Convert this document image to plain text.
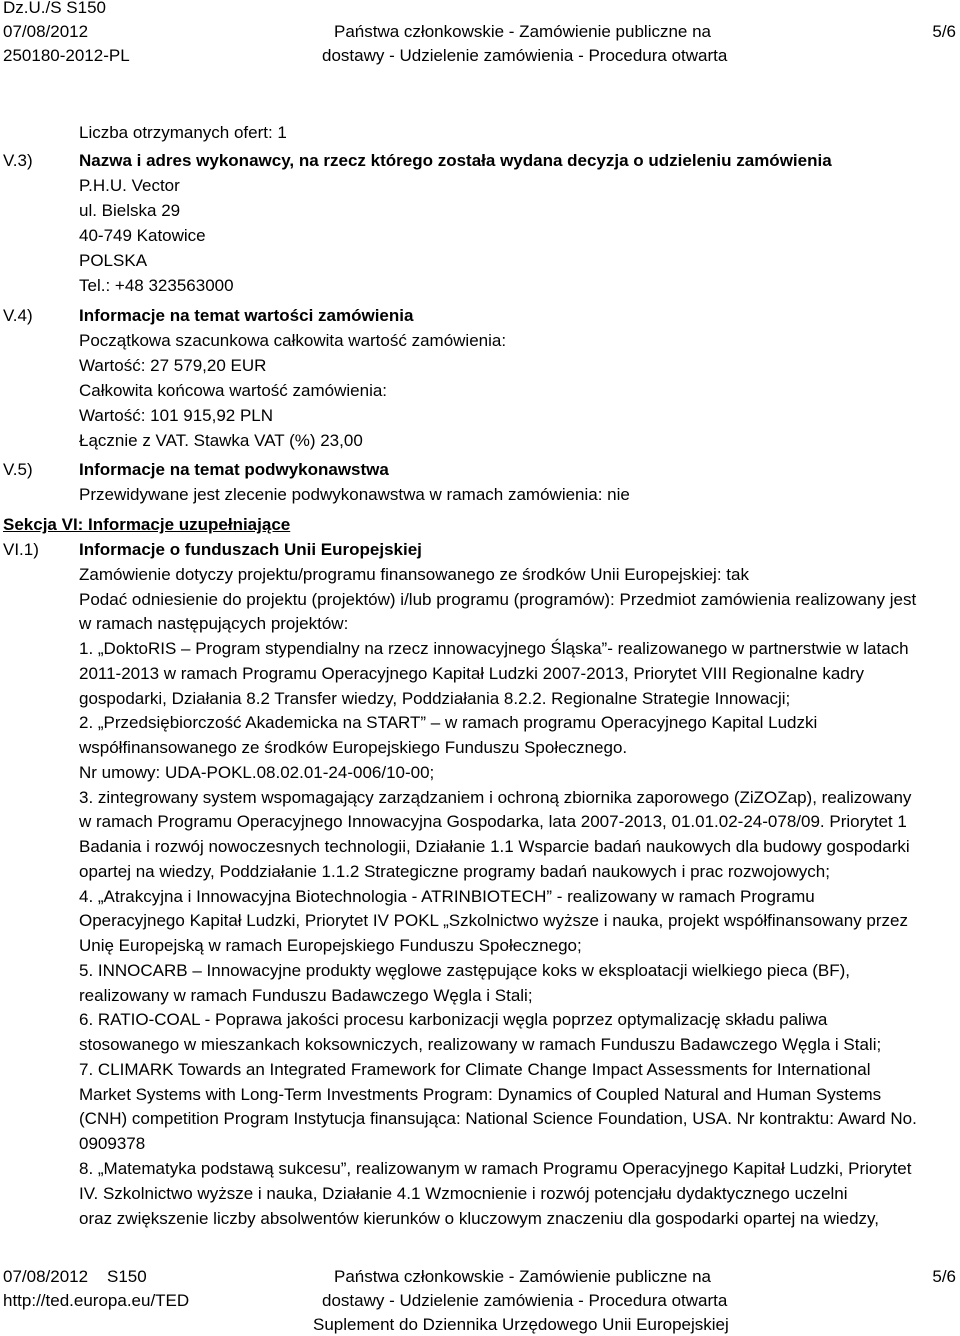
Dz.U./S S150
07/08/2012
250180-2012-PL
Państwa członkowskie - Zamówienie publiczne na
dostawy - Udzielenie zamówienia - Procedura otwarta
5/6
V.3)
V.4)
V.5)
VI.1)
Liczba otrzymanych ofert: 1
Nazwa i adres wykonawcy, na rzecz którego została wydana decyzja o udzieleniu zamówienia
P.H.U. Vector
ul. Bielska 29
40-749 Katowice
POLSKA
Tel.: +48 323563000
Informacje na temat wartości zamówienia
Początkowa szacunkowa całkowita wartość zamówienia:
Wartość: 27 579,20 EUR
Całkowita końcowa wartość zamówienia:
Wartość: 101 915,92 PLN
Łącznie z VAT. Stawka VAT (%) 23,00
Informacje na temat podwykonawstwa
Przewidywane jest zlecenie podwykonawstwa w ramach zamówienia: nie
Sekcja VI: Informacje uzupełniające
Informacje o funduszach Unii Europejskiej
Zamówienie dotyczy projektu/programu finansowanego ze środków Unii Europejskiej: tak
Podać odniesienie do projektu (projektów) i/lub programu (programów): Przedmiot zamówienia realizowany jest
w ramach następujących projektów:
1. „DoktoRIS – Program stypendialny na rzecz innowacyjnego Śląska”- realizowanego w partnerstwie w latach
2011-2013 w ramach Programu Operacyjnego Kapitał Ludzki 2007-2013, Priorytet VIII Regionalne kadry
gospodarki, Działania 8.2 Transfer wiedzy, Poddziałania 8.2.2. Regionalne Strategie Innowacji;
2. „Przedsiębiorczość Akademicka na START” – w ramach programu Operacyjnego Kapital Ludzki
współfinansowanego ze środków Europejskiego Funduszu Społecznego.
Nr umowy: UDA-POKL.08.02.01-24-006/10-00;
3. zintegrowany system wspomagający zarządzaniem i ochroną zbiornika zaporowego (ZiZOZap), realizowany
w ramach Programu Operacyjnego Innowacyjna Gospodarka, lata 2007-2013, 01.01.02-24-078/09. Priorytet 1
Badania i rozwój nowoczesnych technologii, Działanie 1.1 Wsparcie badań naukowych dla budowy gospodarki
opartej na wiedzy, Poddziałanie 1.1.2 Strategiczne programy badań naukowych i prac rozwojowych;
4. „Atrakcyjna i Innowacyjna Biotechnologia - ATRINBIOTECH” - realizowany w ramach Programu
Operacyjnego Kapitał Ludzki, Priorytet IV POKL „Szkolnictwo wyższe i nauka, projekt współfinansowany przez
Unię Europejską w ramach Europejskiego Funduszu Społecznego;
5. INNOCARB – Innowacyjne produkty węglowe zastępujące koks w eksploatacji wielkiego pieca (BF),
realizowany w ramach Funduszu Badawczego Węgla i Stali;
6. RATIO-COAL - Poprawa jakości procesu karbonizacji węgla poprzez optymalizację składu paliwa
stosowanego w mieszankach koksowniczych, realizowany w ramach Funduszu Badawczego Węgla i Stali;
7. CLIMARK Towards an Integrated Framework for Climate Change Impact Assessments for International
Market Systems with Long-Term Investments Program: Dynamics of Coupled Natural and Human Systems
(CNH) competition Program Instytucja finansująca: National Science Foundation, USA. Nr kontraktu: Award No.
0909378
8. „Matematyka podstawą sukcesu”, realizowanym w ramach Programu Operacyjnego Kapitał Ludzki, Priorytet
IV. Szkolnictwo wyższe i nauka, Działanie 4.1 Wzmocnienie i rozwój potencjału dydaktycznego uczelni
oraz zwiększenie liczby absolwentów kierunków o kluczowym znaczeniu dla gospodarki opartej na wiedzy,
07/08/2012    S150
http://ted.europa.eu/TED
Państwa członkowskie - Zamówienie publiczne na
dostawy - Udzielenie zamówienia - Procedura otwarta
Suplement do Dziennika Urzędowego Unii Europejskiej
5/6
